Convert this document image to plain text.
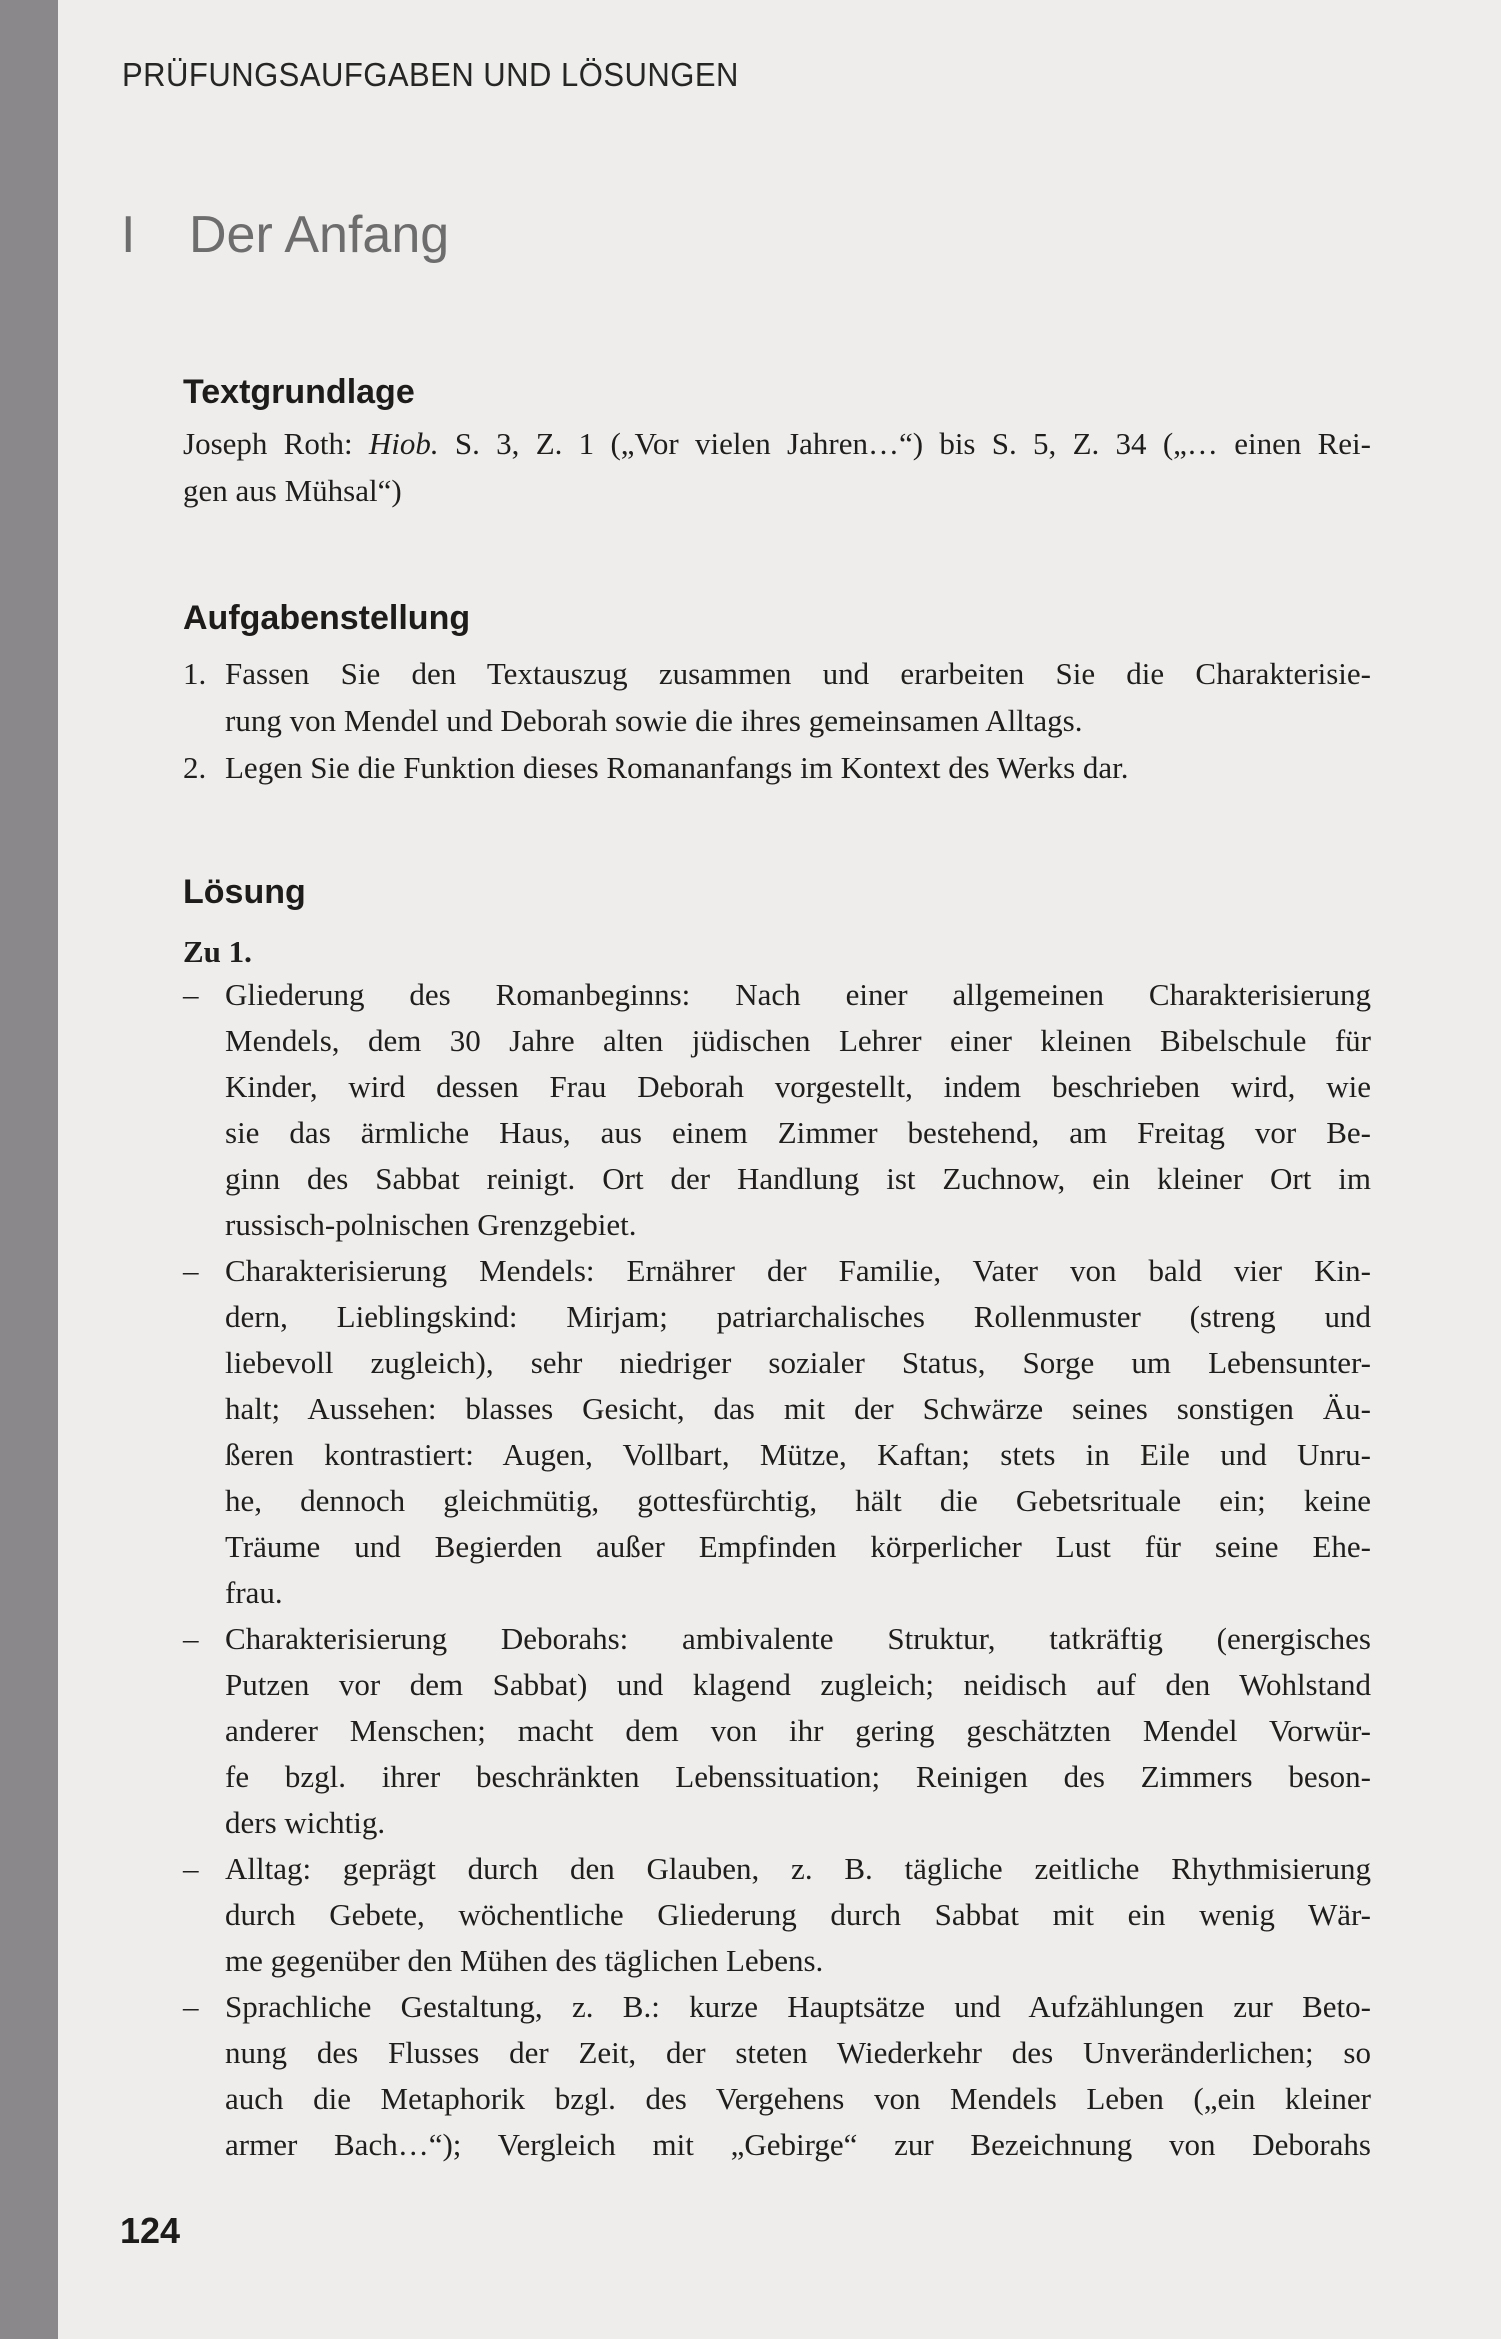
PRÜFUNGSAUFGABEN UND LÖSUNGEN
I Der Anfang
Textgrundlage
Joseph Roth: Hiob. S. 3, Z. 1 („Vor vielen Jahren…“) bis S. 5, Z. 34 („… einen Rei-
gen aus Mühsal“)
Aufgabenstellung
1. Fassen Sie den Textauszug zusammen und erarbeiten Sie die Charakterisie-
rung von Mendel und Deborah sowie die ihres gemeinsamen Alltags.
2. Legen Sie die Funktion dieses Romananfangs im Kontext des Werks dar.
Lösung
Zu 1.
– Gliederung des Romanbeginns: Nach einer allgemeinen Charakterisierung
Mendels, dem 30 Jahre alten jüdischen Lehrer einer kleinen Bibelschule für
Kinder, wird dessen Frau Deborah vorgestellt, indem beschrieben wird, wie
sie das ärmliche Haus, aus einem Zimmer bestehend, am Freitag vor Be-
ginn des Sabbat reinigt. Ort der Handlung ist Zuchnow, ein kleiner Ort im
russisch-polnischen Grenzgebiet.
– Charakterisierung Mendels: Ernährer der Familie, Vater von bald vier Kin-
dern, Lieblingskind: Mirjam; patriarchalisches Rollenmuster (streng und
liebevoll zugleich), sehr niedriger sozialer Status, Sorge um Lebensunter-
halt; Aussehen: blasses Gesicht, das mit der Schwärze seines sonstigen Äu-
ßeren kontrastiert: Augen, Vollbart, Mütze, Kaftan; stets in Eile und Unru-
he, dennoch gleichmütig, gottesfürchtig, hält die Gebetsrituale ein; keine
Träume und Begierden außer Empfinden körperlicher Lust für seine Ehe-
frau.
– Charakterisierung Deborahs: ambivalente Struktur, tatkräftig (energisches
Putzen vor dem Sabbat) und klagend zugleich; neidisch auf den Wohlstand
anderer Menschen; macht dem von ihr gering geschätzten Mendel Vorwür-
fe bzgl. ihrer beschränkten Lebenssituation; Reinigen des Zimmers beson-
ders wichtig.
– Alltag: geprägt durch den Glauben, z. B. tägliche zeitliche Rhythmisierung
durch Gebete, wöchentliche Gliederung durch Sabbat mit ein wenig Wär-
me gegenüber den Mühen des täglichen Lebens.
– Sprachliche Gestaltung, z. B.: kurze Hauptsätze und Aufzählungen zur Beto-
nung des Flusses der Zeit, der steten Wiederkehr des Unveränderlichen; so
auch die Metaphorik bzgl. des Vergehens von Mendels Leben („ein kleiner
armer Bach…“); Vergleich mit „Gebirge“ zur Bezeichnung von Deborahs
124
